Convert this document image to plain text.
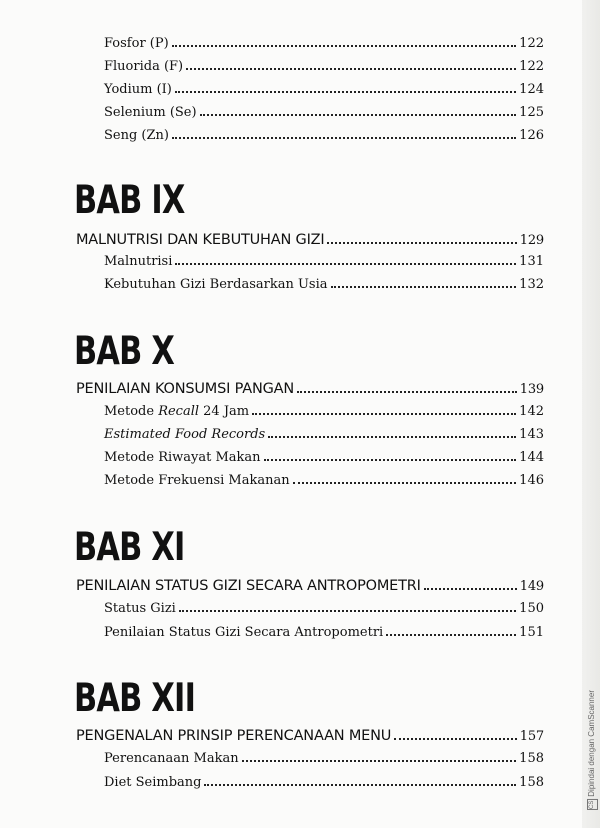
Fosfor (P)	122
Fluorida (F)	122
Yodium (I)	124
Selenium (Se)	125
Seng (Zn)	126
BAB IX
MALNUTRISI DAN KEBUTUHAN GIZI	129
Malnutrisi	131
Kebutuhan Gizi Berdasarkan Usia	132
BAB X
PENILAIAN KONSUMSI PANGAN	139
Metode Recall 24 Jam	142
Estimated Food Records	143
Metode Riwayat Makan	144
Metode Frekuensi Makanan	146
BAB XI
PENILAIAN STATUS GIZI SECARA ANTROPOMETRI	149
Status Gizi	150
Penilaian Status Gizi Secara Antropometri	151
BAB XII
PENGENALAN PRINSIP PERENCANAAN MENU	157
Perencanaan Makan	158
Diet Seimbang	158
CS Dipindai dengan CamScanner
